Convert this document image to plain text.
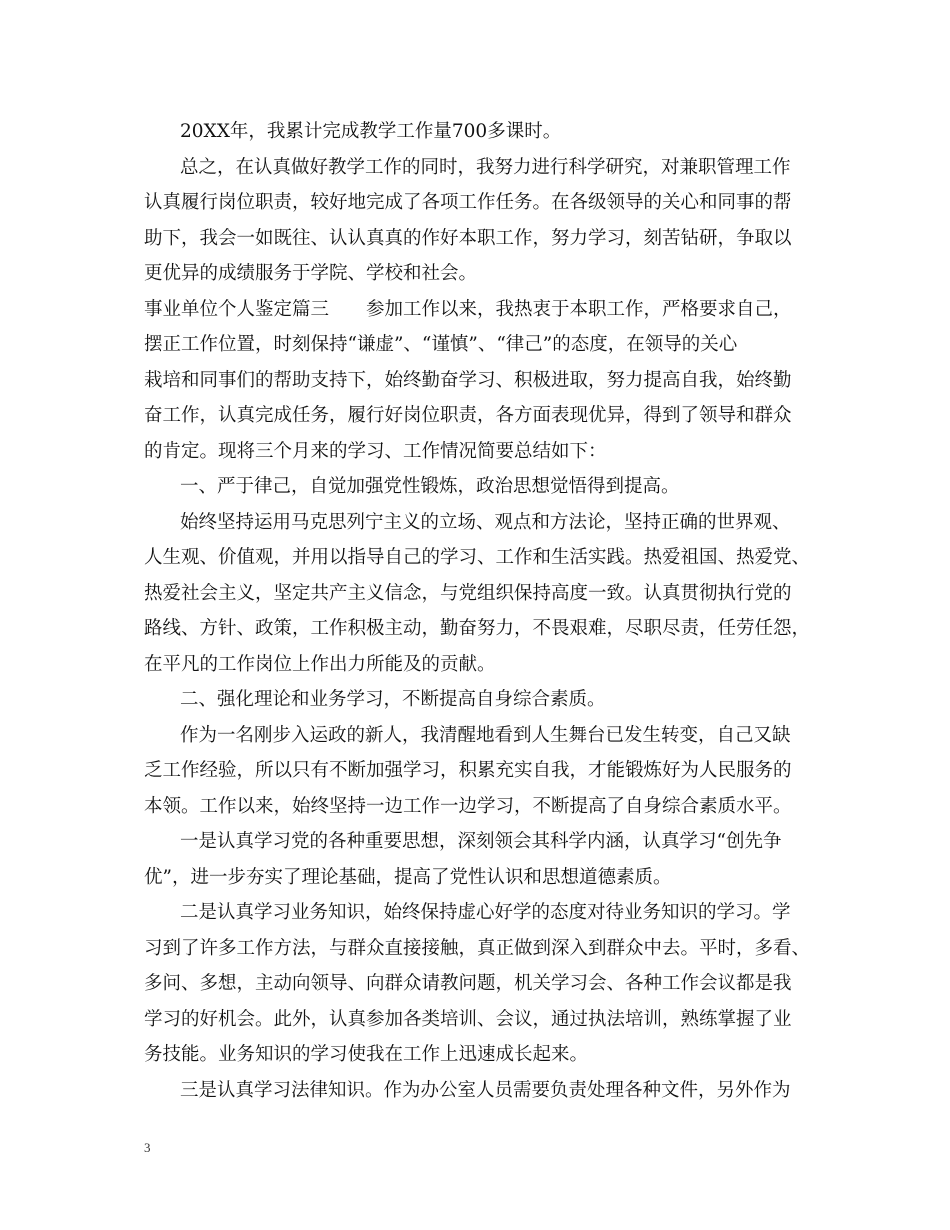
20XX年，我累计完成教学工作量700多课时。
总之，在认真做好教学工作的同时，我努力进行科学研究，对兼职管理工作
认真履行岗位职责，较好地完成了各项工作任务。在各级领导的关心和同事的帮
助下，我会一如既往、认认真真的作好本职工作，努力学习，刻苦钻研，争取以
更优异的成绩服务于学院、学校和社会。
事业单位个人鉴定篇三　　参加工作以来，我热衷于本职工作，严格要求自己，
摆正工作位置，时刻保持“谦虚”、“谨慎”、“律己”的态度，在领导的关心
栽培和同事们的帮助支持下，始终勤奋学习、积极进取，努力提高自我，始终勤
奋工作，认真完成任务，履行好岗位职责，各方面表现优异，得到了领导和群众
的肯定。现将三个月来的学习、工作情况简要总结如下：
一、严于律己，自觉加强党性锻炼，政治思想觉悟得到提高。
始终坚持运用马克思列宁主义的立场、观点和方法论，坚持正确的世界观、
人生观、价值观，并用以指导自己的学习、工作和生活实践。热爱祖国、热爱党、
热爱社会主义，坚定共产主义信念，与党组织保持高度一致。认真贯彻执行党的
路线、方针、政策，工作积极主动，勤奋努力，不畏艰难，尽职尽责，任劳任怨，
在平凡的工作岗位上作出力所能及的贡献。
二、强化理论和业务学习，不断提高自身综合素质。
作为一名刚步入运政的新人，我清醒地看到人生舞台已发生转变，自己又缺
乏工作经验，所以只有不断加强学习，积累充实自我，才能锻炼好为人民服务的
本领。工作以来，始终坚持一边工作一边学习，不断提高了自身综合素质水平。
一是认真学习党的各种重要思想，深刻领会其科学内涵，认真学习“创先争
优”，进一步夯实了理论基础，提高了党性认识和思想道德素质。
二是认真学习业务知识，始终保持虚心好学的态度对待业务知识的学习。学
习到了许多工作方法，与群众直接接触，真正做到深入到群众中去。平时，多看、
多问、多想，主动向领导、向群众请教问题，机关学习会、各种工作会议都是我
学习的好机会。此外，认真参加各类培训、会议，通过执法培训，熟练掌握了业
务技能。业务知识的学习使我在工作上迅速成长起来。
三是认真学习法律知识。作为办公室人员需要负责处理各种文件，另外作为
3
